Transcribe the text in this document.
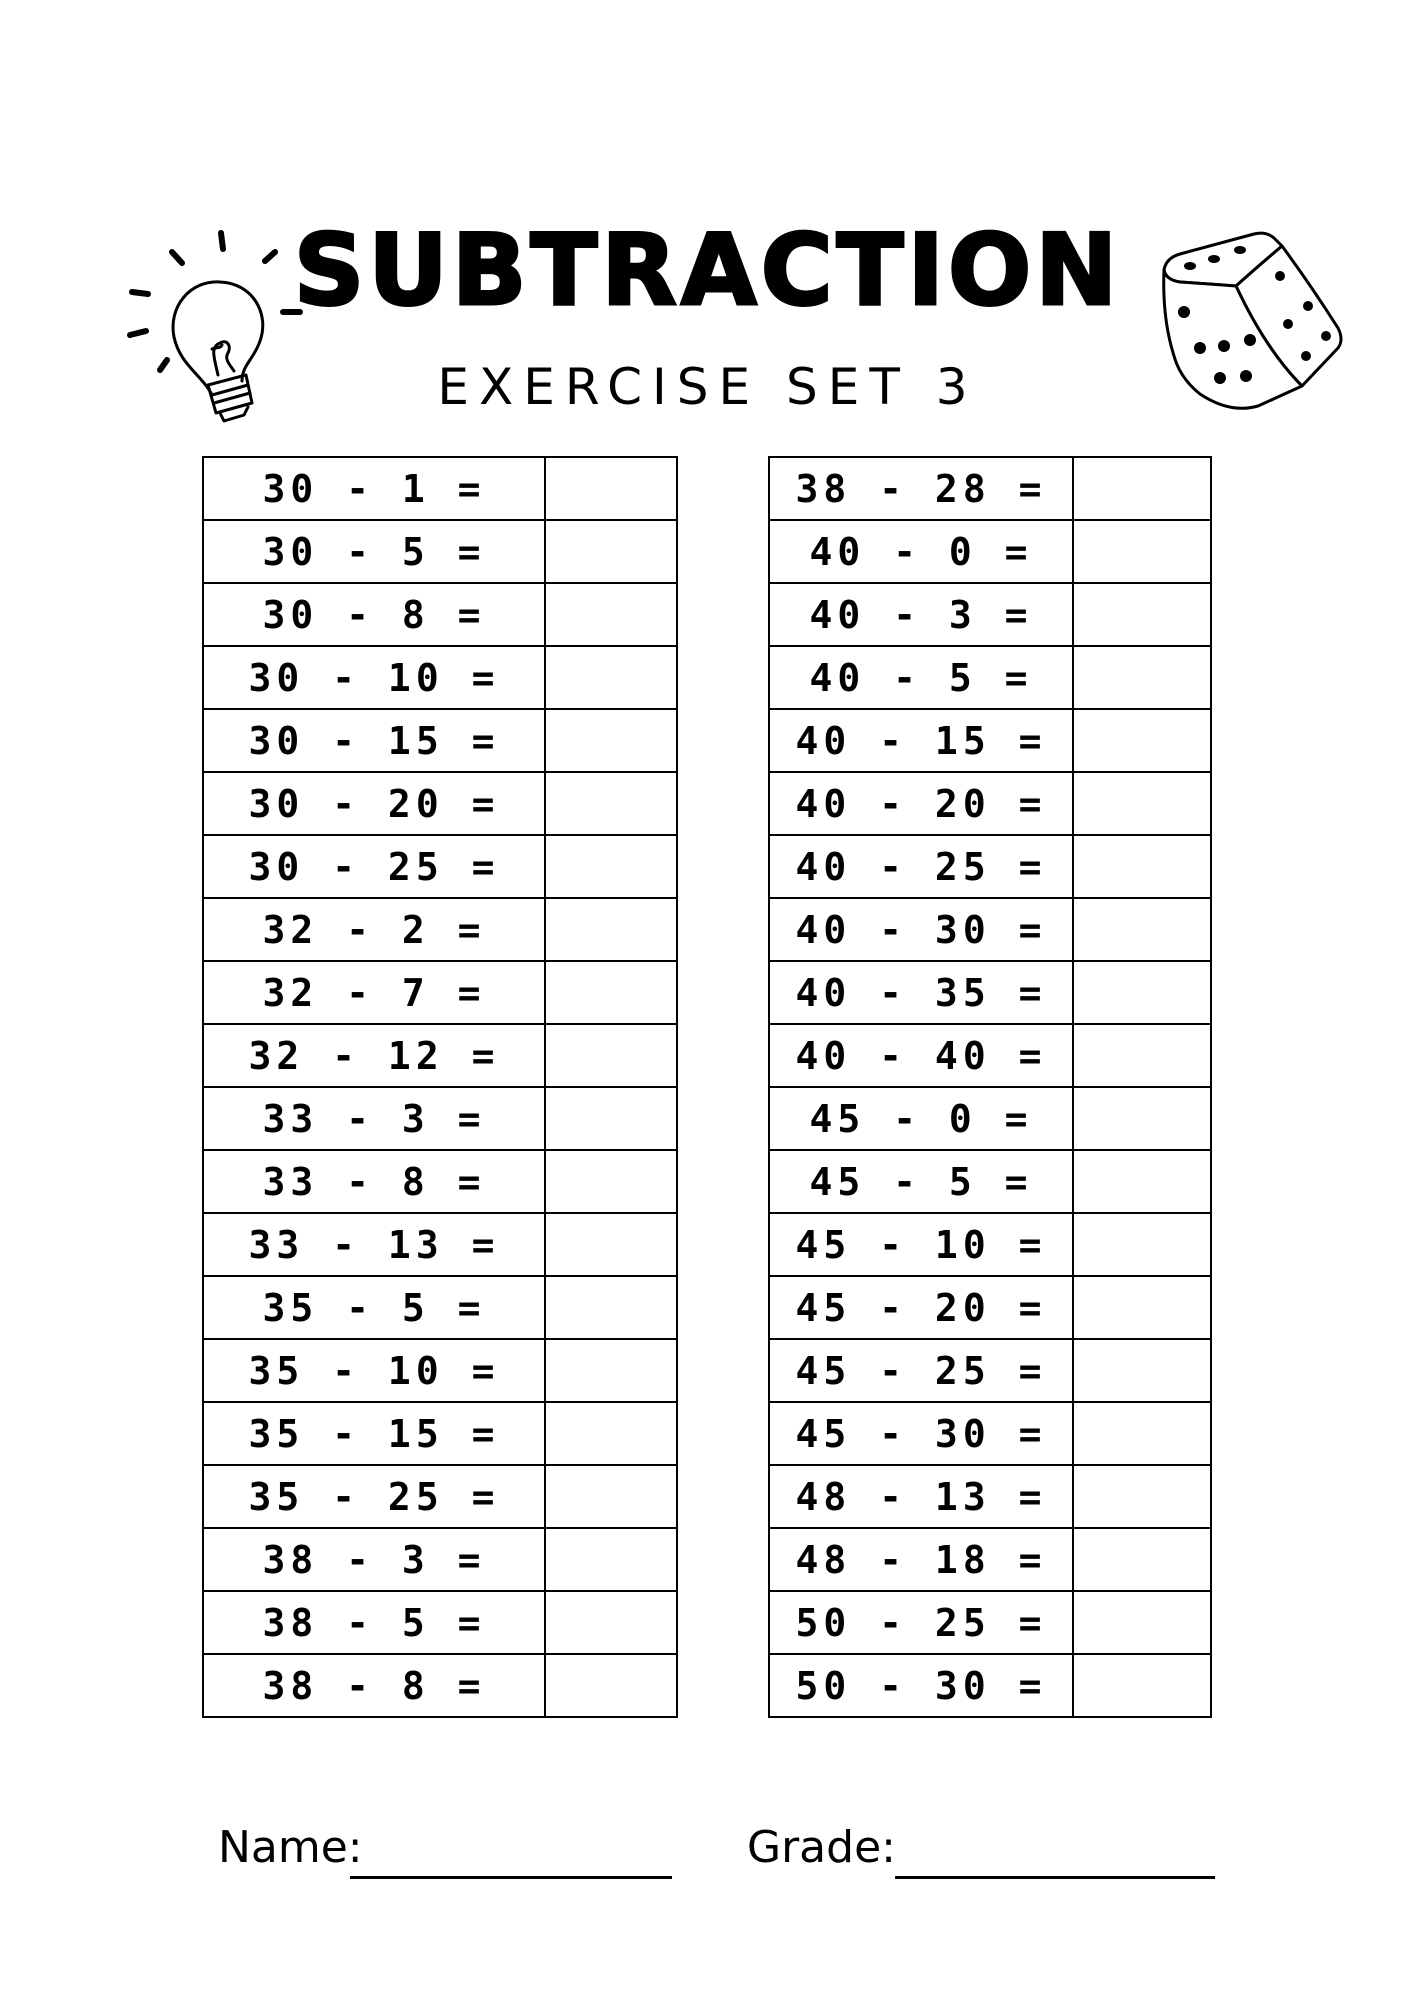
SUBTRACTION
EXERCISE SET 3
30 - 1 =	
30 - 5 =	
30 - 8 =	
30 - 10 =	
30 - 15 =	
30 - 20 =	
30 - 25 =	
32 - 2 =	
32 - 7 =	
32 - 12 =	
33 - 3 =	
33 - 8 =	
33 - 13 =	
35 - 5 =	
35 - 10 =	
35 - 15 =	
35 - 25 =	
38 - 3 =	
38 - 5 =	
38 - 8 =	
38 - 28 =	
40 - 0 =	
40 - 3 =	
40 - 5 =	
40 - 15 =	
40 - 20 =	
40 - 25 =	
40 - 30 =	
40 - 35 =	
40 - 40 =	
45 - 0 =	
45 - 5 =	
45 - 10 =	
45 - 20 =	
45 - 25 =	
45 - 30 =	
48 - 13 =	
48 - 18 =	
50 - 25 =	
50 - 30 =	
Name:	Grade:
